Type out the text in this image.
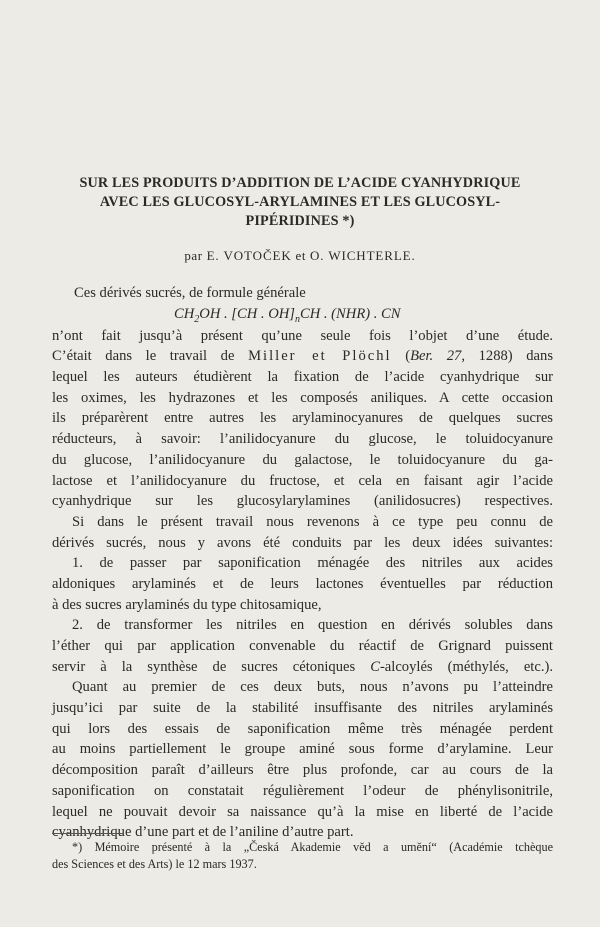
SUR LES PRODUITS D’ADDITION DE L’ACIDE CYANHYDRIQUE
AVEC LES GLUCOSYL-ARYLAMINES ET LES GLUCOSYL-
PIPÉRIDINES *)
par E. VOTOČEK et O. WICHTERLE.
Ces dérivés sucrés, de formule générale
$CH_2OH$ . [CH . $OH]_nCH$ . (NHR) . CN
n’ont fait jusqu’à présent qu’une seule fois l’objet d’une étude.
C’était dans le travail de Miller et Plöchl (Ber. 27, 1288) dans
lequel les auteurs étudièrent la fixation de l’acide cyanhydrique sur
les oximes, les hydrazones et les composés aniliques. A cette occasion
ils préparèrent entre autres les arylaminocyanures de quelques sucres
réducteurs, à savoir: l’anilidocyanure du glucose, le toluidocyanure
du glucose, l’anilidocyanure du galactose, le toluidocyanure du ga-
lactose et l’anilidocyanure du fructose, et cela en faisant agir l’acide
cyanhydrique sur les glucosylarylamines (anilidosucres) respectives.
Si dans le présent travail nous revenons à ce type peu connu de
dérivés sucrés, nous y avons été conduits par les deux idées suivantes:
1. de passer par saponification ménagée des nitriles aux acides
aldoniques arylaminés et de leurs lactones éventuelles par réduction
à des sucres arylaminés du type chitosamique,
2. de transformer les nitriles en question en dérivés solubles dans
l’éther qui par application convenable du réactif de Grignard puissent
servir à la synthèse de sucres cétoniques C-alcoylés (méthylés, etc.).
Quant au premier de ces deux buts, nous n’avons pu l’atteindre
jusqu’ici par suite de la stabilité insuffisante des nitriles arylaminés
qui lors des essais de saponification même très ménagée perdent
au moins partiellement le groupe aminé sous forme d’arylamine. Leur
décomposition paraît d’ailleurs être plus profonde, car au cours de la
saponification on constatait régulièrement l’odeur de phénylisonitrile,
lequel ne pouvait devoir sa naissance qu’à la mise en liberté de l’acide
cyanhydrique d’une part et de l’aniline d’autre part.
*) Mémoire présenté à la „Česká Akademie věd a umění“ (Académie tchèque
des Sciences et des Arts) le 12 mars 1937.
